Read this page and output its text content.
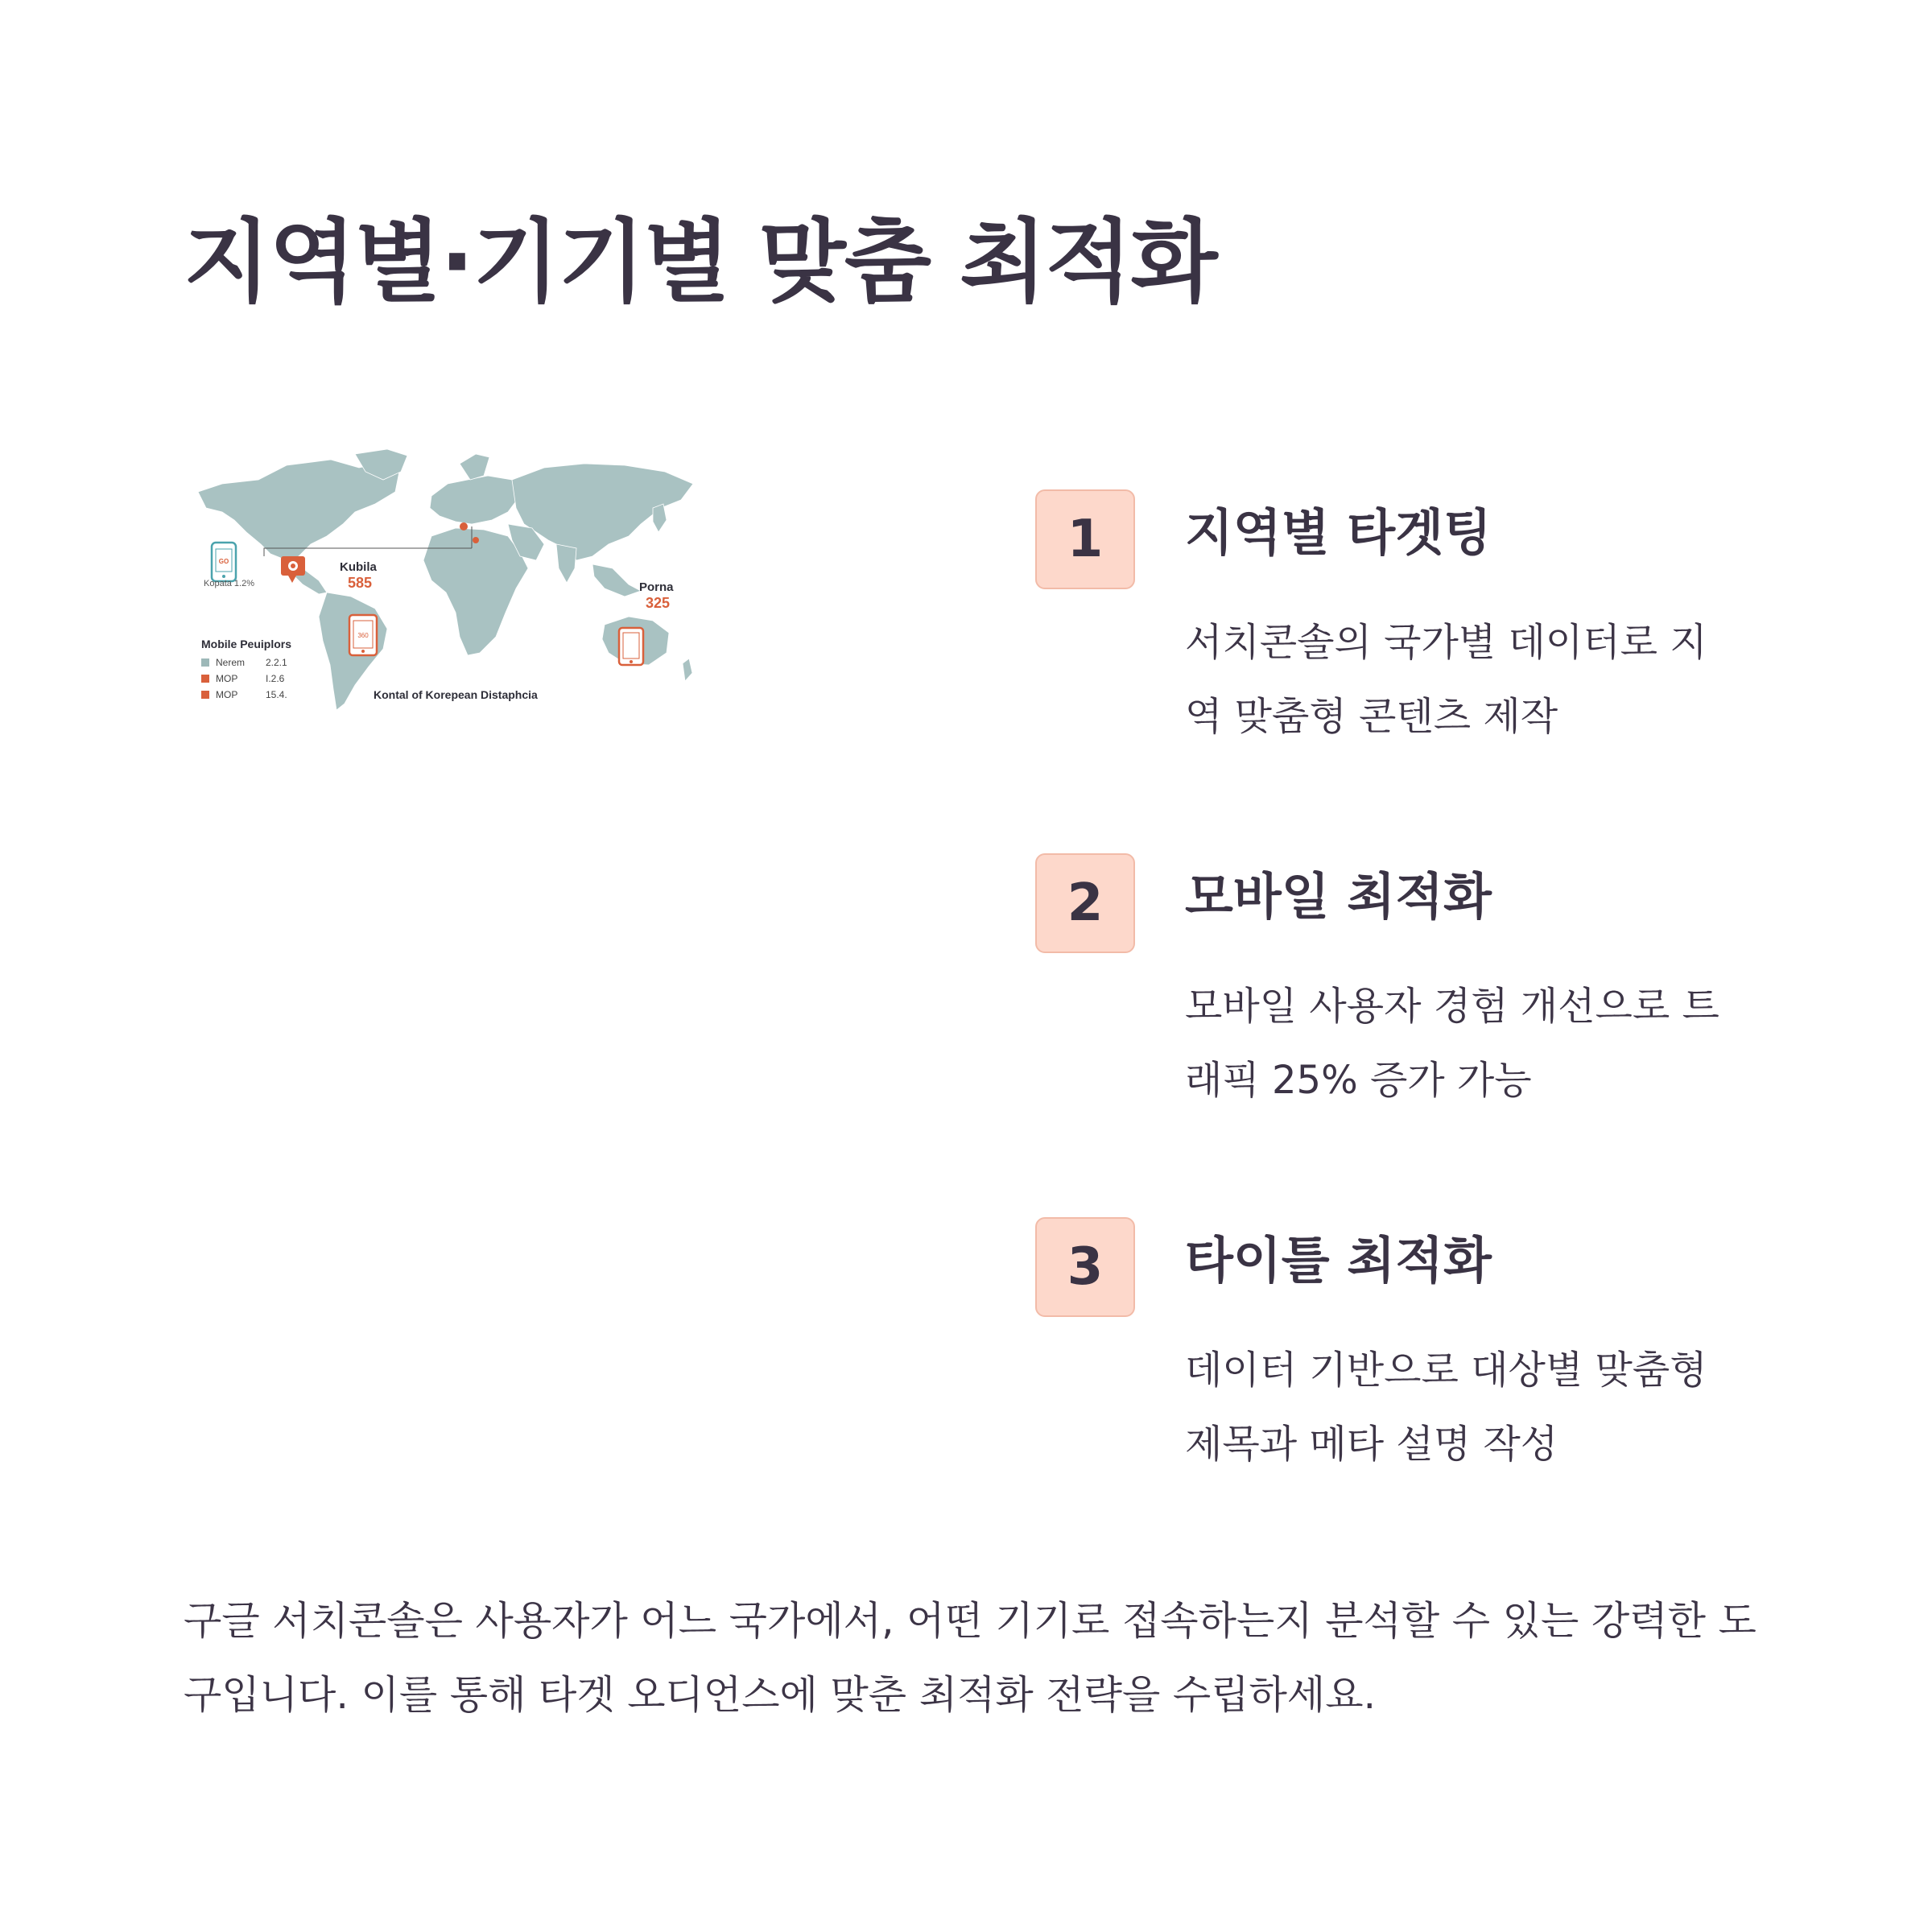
지역별·기기별 맞춤 최적화
GO
360
Kopata 1.2%
Kubila
585	Porna
325
Mobile Peuiplors
Nerem 2.2.1
MOP	I.2.6
MOP	15.4.	Kontal of Korepean Distaphcia
1	지역별 타겟팅

서치콘솔의 국가별 데이터로 지역 맞춤형 콘텐츠 제작

2	모바일 최적화

모바일 사용자 경험 개선으로 트래픽 25% 증가 가능

3	타이틀 최적화

데이터 기반으로 대상별 맞춤형 제목과 메타 설명 작성

구글 서치콘솔은 사용자가 어느 국가에서, 어떤 기기로 접속하는지 분석할 수 있는 강력한 도구입니다. 이를 통해 타겟 오디언스에 맞춘 최적화 전략을 수립하세요.
